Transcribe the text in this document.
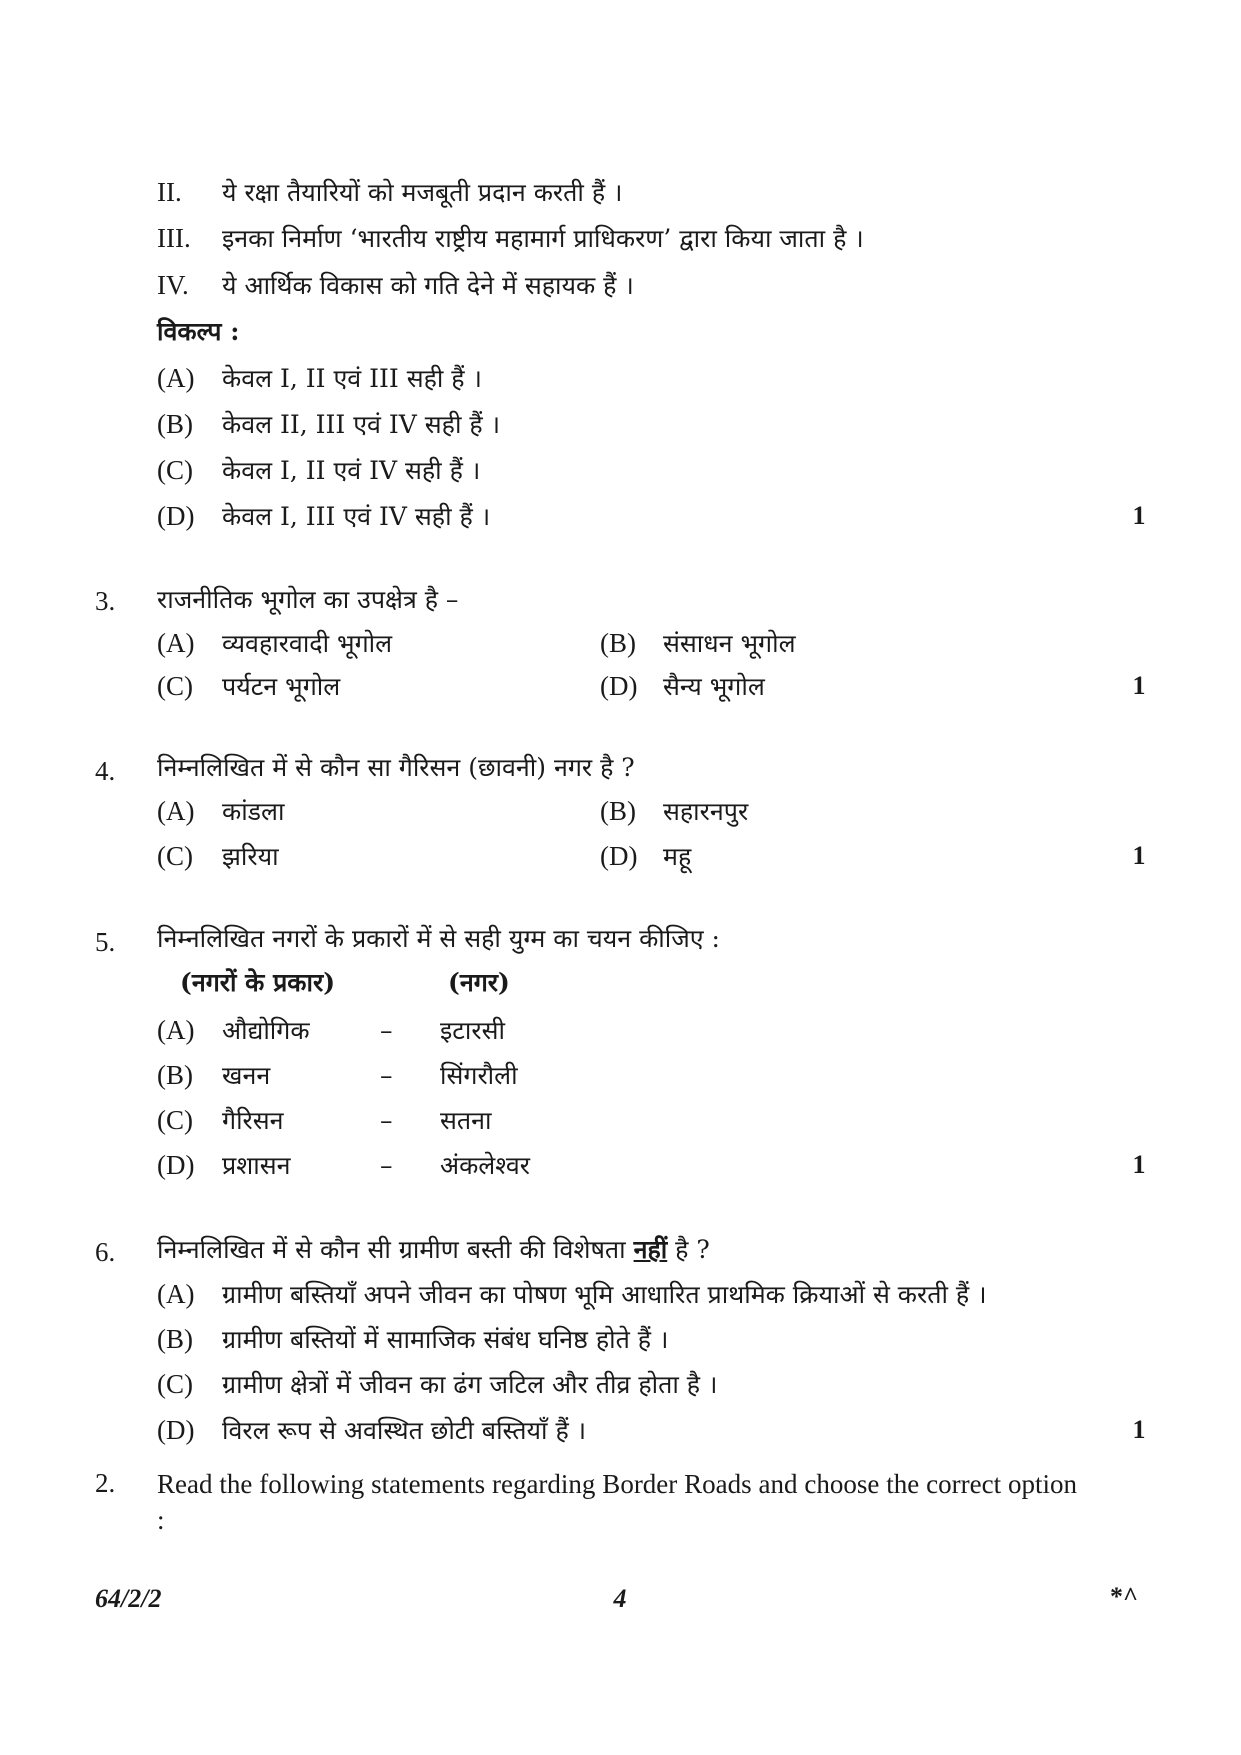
II. ये रक्षा तैयारियों को मजबूती प्रदान करती हैं ।
III. इनका निर्माण ‘भारतीय राष्ट्रीय महामार्ग प्राधिकरण’ द्वारा किया जाता है ।
IV. ये आर्थिक विकास को गति देने में सहायक हैं ।
विकल्प :
(A) केवल I, II एवं III सही हैं ।
(B) केवल II, III एवं IV सही हैं ।
(C) केवल I, II एवं IV सही हैं ।
(D) केवल I, III एवं IV सही हैं ।	1
3. राजनीतिक भूगोल का उपक्षेत्र है –
(A) व्यवहारवादी भूगोल	(B) संसाधन भूगोल
(C) पर्यटन भूगोल	(D) सैन्य भूगोल	1
4. निम्नलिखित में से कौन सा गैरिसन (छावनी) नगर है ?
(A) कांडला	(B) सहारनपुर
(C) झरिया	(D) महू	1
5. निम्नलिखित नगरों के प्रकारों में से सही युग्म का चयन कीजिए :
(नगरों के प्रकार)	(नगर)
(A) औद्योगिक	– इटारसी
(B) खनन	– सिंगरौली
(C) गैरिसन	– सतना
(D) प्रशासन	– अंकलेश्वर	1
6. निम्नलिखित में से कौन सी ग्रामीण बस्ती की विशेषता नहीं है ?
(A) ग्रामीण बस्तियाँ अपने जीवन का पोषण भूमि आधारित प्राथमिक क्रियाओं से करती हैं ।
(B) ग्रामीण बस्तियों में सामाजिक संबंध घनिष्ठ होते हैं ।
(C) ग्रामीण क्षेत्रों में जीवन का ढंग जटिल और तीव्र होता है ।
(D) विरल रूप से अवस्थित छोटी बस्तियाँ हैं ।	1
2. Read the following statements regarding Border Roads and choose the correct option :
64/2/2	4	*^
